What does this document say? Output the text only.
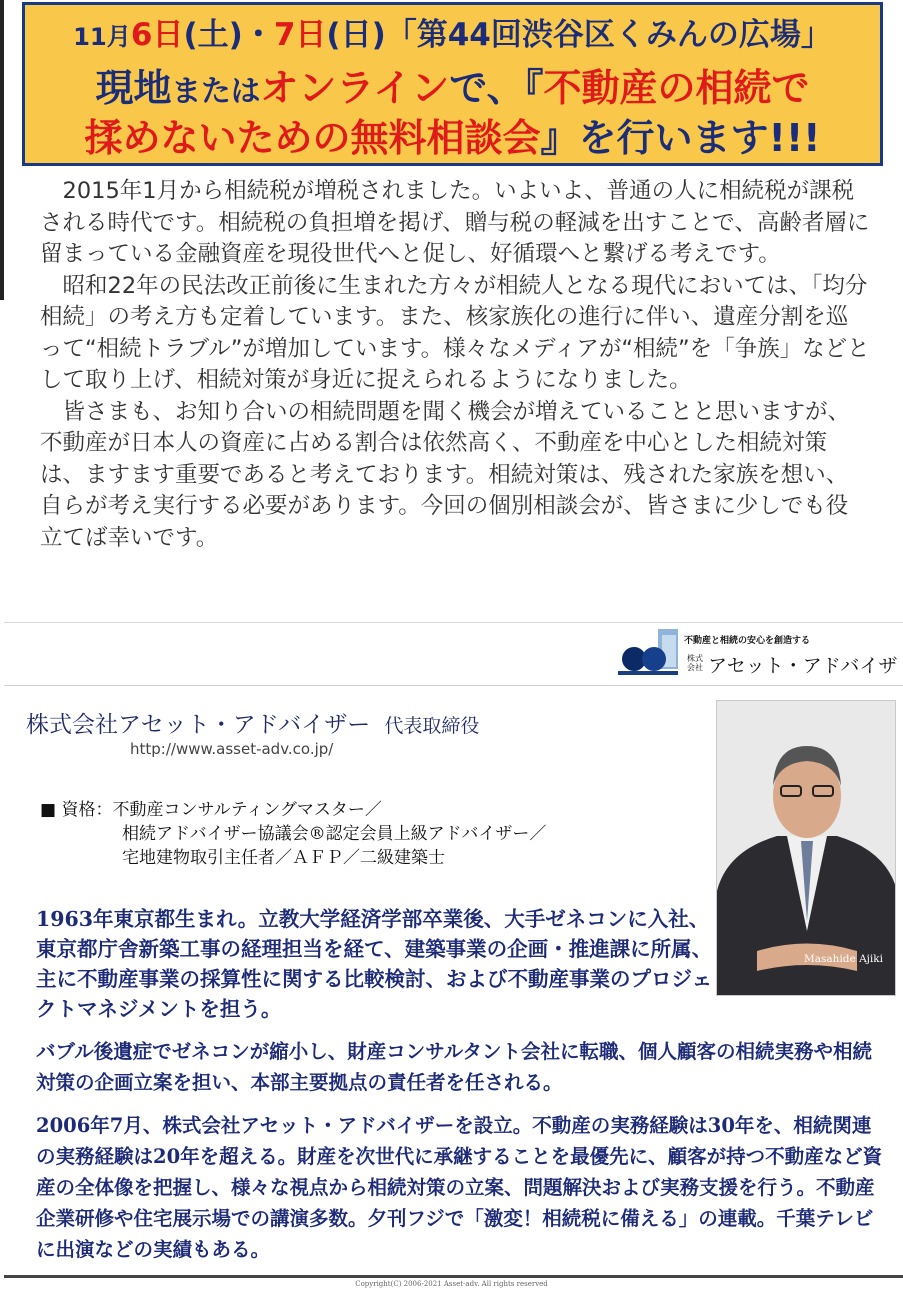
11月6日(土)・7日(日)「第44回渋谷区くみんの広場」
現地またはオンラインで、『不動産の相続で
揉めないための無料相談会』を行います!!!

2015年1月から相続税が増税されました。いよいよ、普通の人に相続税が課税される時代です。相続税の負担増を掲げ、贈与税の軽減を出すことで、高齢者層に留まっている金融資産を現役世代へと促し、好循環へと繋げる考えです。

昭和22年の民法改正前後に生まれた方々が相続人となる現代においては、「均分相続」の考え方も定着しています。また、核家族化の進行に伴い、遺産分割を巡って“相続トラブル”が増加しています。様々なメディアが“相続”を「争族」などとして取り上げ、相続対策が身近に捉えられるようになりました。

皆さまも、お知り合いの相続問題を聞く機会が増えていることと思いますが、不動産が日本人の資産に占める割合は依然高く、不動産を中心とした相続対策は、ますます重要であると考えております。相続対策は、残された家族を想い、自らが考え実行する必要があります。今回の個別相談会が、皆さまに少しでも役立てば幸いです。

不動産と相続の安心を創造する
株式会社 アセット・アドバイザ
株式会社アセット・アドバイザー 代表取締役
http://www.asset-adv.co.jp/
■ 資格：不動産コンサルティングマスター／
相続アドバイザー協議会®認定会員上級アドバイザー／
宅地建物取引主任者／ＡＦＰ／二級建築士
Masahide Ajiki

1963年東京都生まれ。立教大学経済学部卒業後、大手ゼネコンに入社、東京都庁舎新築工事の経理担当を経て、建築事業の企画・推進課に所属、主に不動産事業の採算性に関する比較検討、および不動産事業のプロジェクトマネジメントを担う。

バブル後遺症でゼネコンが縮小し、財産コンサルタント会社に転職、個人顧客の相続実務や相続対策の企画立案を担い、本部主要拠点の責任者を任される。

2006年7月、株式会社アセット・アドバイザーを設立。不動産の実務経験は30年を、相続関連の実務経験は20年を超える。財産を次世代に承継することを最優先に、顧客が持つ不動産など資産の全体像を把握し、様々な視点から相続対策の立案、問題解決および実務支援を行う。不動産企業研修や住宅展示場での講演多数。夕刊フジで「激変！相続税に備える」の連載。千葉テレビに出演などの実績もある。

Copyright(C) 2006-2021 Asset-adv. All rights reserved
